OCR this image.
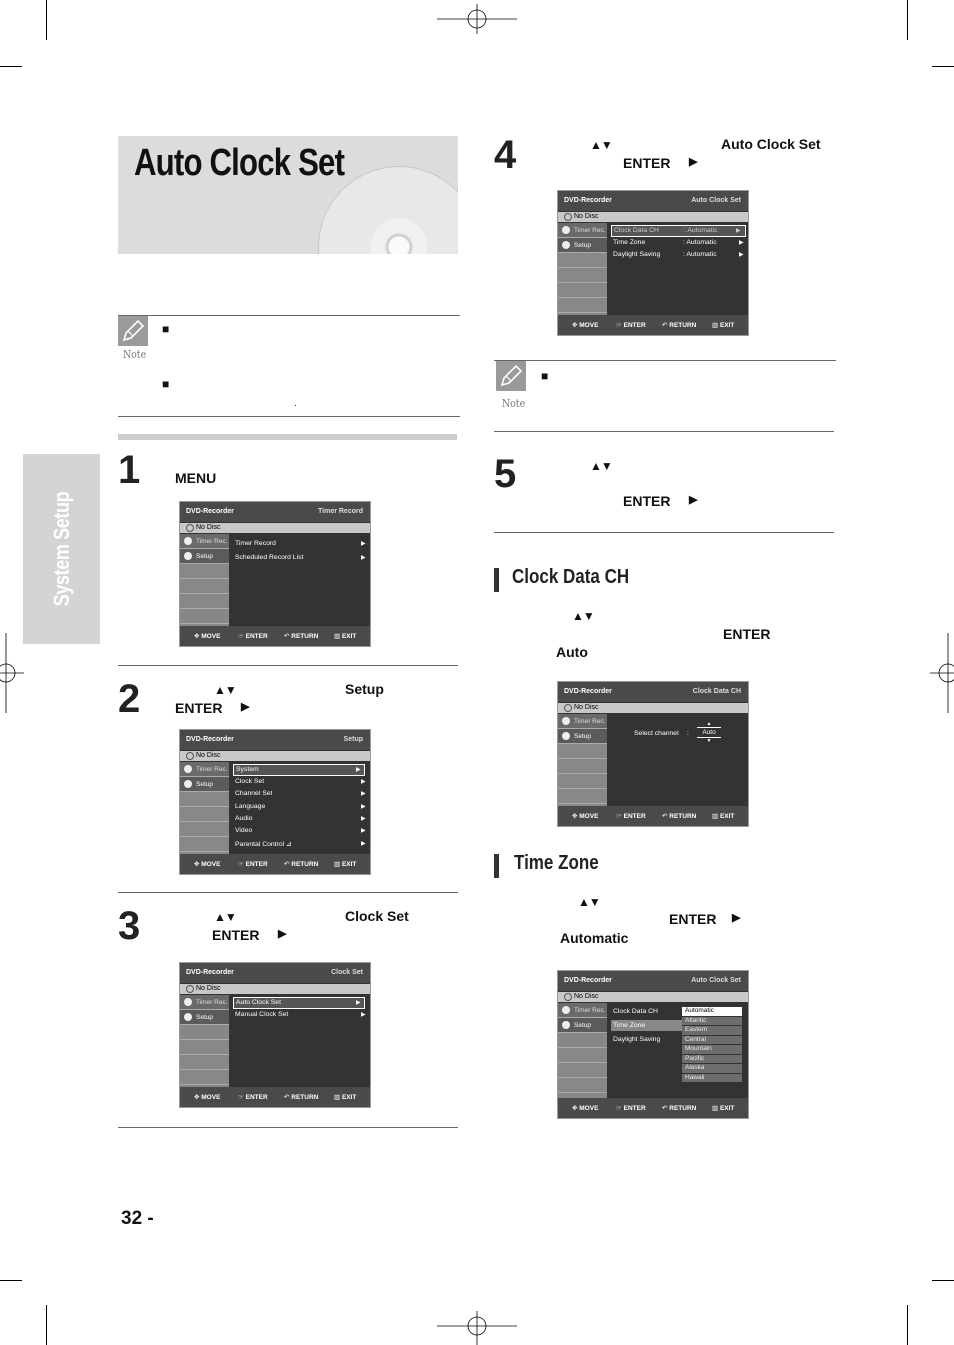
Auto Clock Set
System Setup
Note
■
■
.
1 MENU
DVD-Recorder	Timer Record
No Disc
Timer Rec.
Setup
Timer Record	▶
Scheduled Record List	▶
✥ MOVE	☞ ENTER	↶ RETURN ▥ EXIT
2	▲▼	Setup
ENTER ▶
DVD-Recorder	Setup
No Disc
Timer Rec.
Setup
System	▶
Clock Set	▶
Channel Set	▶
Language	▶
Audio	▶
Video	▶
Parental Control ⊿	▶
✥ MOVE	☞ ENTER	↶ RETURN ▥ EXIT
3	▲▼	Clock Set
ENTER ▶
DVD-Recorder	Clock Set
No Disc
Timer Rec.
Setup
Auto Clock Set	▶
Manual Clock Set	▶
✥ MOVE	☞ ENTER	↶ RETURN ▥ EXIT
4	▲▼	Auto Clock Set
ENTER ▶
DVD-Recorder	Auto Clock Set
No Disc
Timer Rec.
Setup
Clock Data CH	: Automatic	▶
Time Zone	: Automatic	▶
Daylight Saving	: Automatic	▶
✥ MOVE	☞ ENTER	↶ RETURN ▥ EXIT
Note
■
5	▲▼
ENTER ▶
Clock Data CH
▲▼
ENTER
Auto
DVD-Recorder	Clock Data CH
No Disc
Timer Rec.
Setup	Select channel :
▲
Auto
▼
✥ MOVE	☞ ENTER	↶ RETURN ▥ EXIT
Time Zone
▲▼
ENTER ▶
Automatic
DVD-Recorder	Auto Clock Set
No Disc
Timer Rec.
Setup
Clock Data CH
Time Zone
Daylight Saving
Automatic
Atlantic
Eastern
Central
Mountain
Pacific
Alaska
Hawaii
✥ MOVE	☞ ENTER	↶ RETURN ▥ EXIT
32 -
